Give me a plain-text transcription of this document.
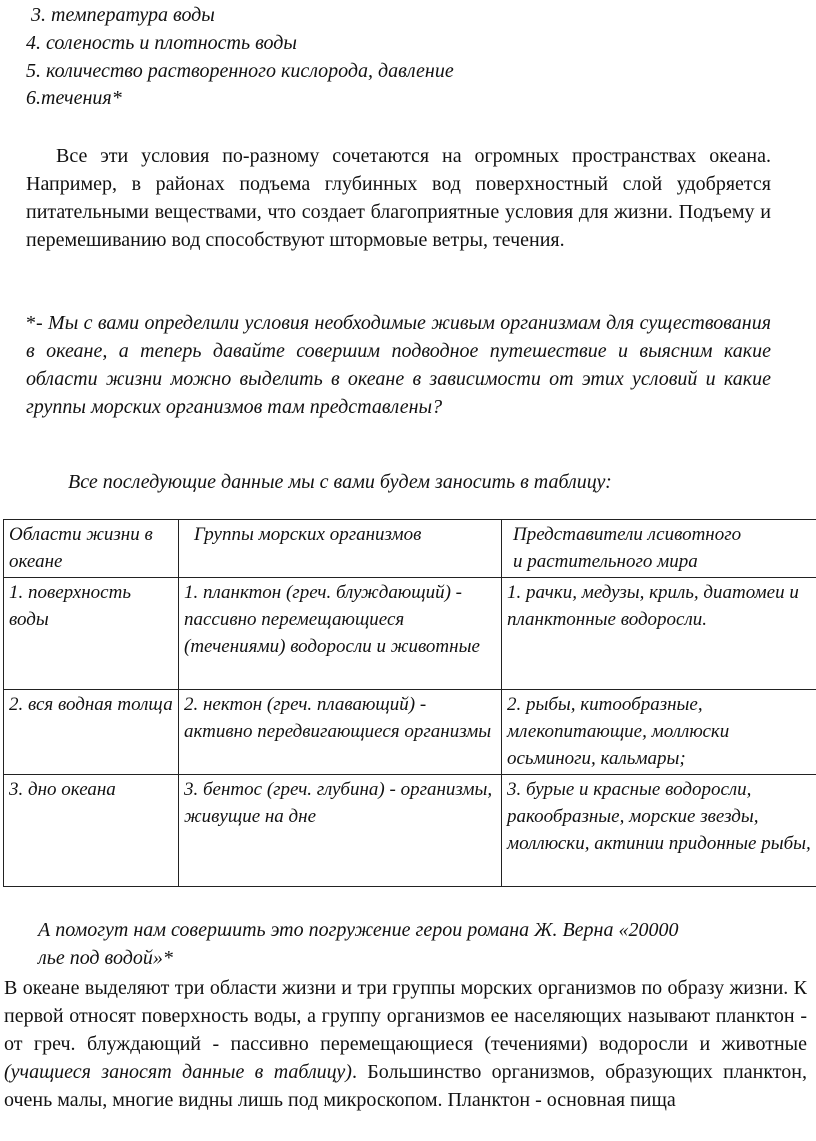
3. температура воды
4. соленость и плотность воды
5. количество растворенного кислорода, давление
6.течения*
Все эти условия по-разному сочетаются на огромных пространствах океана. Например, в районах подъема глубинных вод поверхностный слой удобряется питательными веществами, что создает благоприятные условия для жизни. Подъему и перемешиванию вод способствуют штормовые ветры, течения.
*- Мы с вами определили условия необходимые живым организмам для существования в океане, а теперь давайте совершим подводное путешествие и выясним какие области жизни можно выделить в океане в зависимости от этих условий и какие группы морских организмов там представлены?
Все последующие данные мы с вами будем заносить в таблицу:
Области жизни в океане	Группы морских организмов	Представители лсивотного
и растительного мира

1. поверхность воды	1. планктон (греч. блуждающий) - пассивно перемещающиеся (течениями) водоросли и животные	1. рачки, медузы, криль, диатомеи и планктонные водоросли.
2. вся водная толща	2. нектон (греч. плавающий) - активно передвигающиеся организмы	2. рыбы, китообразные, млекопитающие, моллюски осьминоги, кальмары;
3. дно океана	3. бентос (греч. глубина) - организмы, живущие на дне	3. бурые и красные водоросли, ракообразные, морские звезды, моллюски, актинии придонные рыбы,
А помогут нам совершить это погружение герои романа Ж. Верна «20000
лье под водой»*
В океане выделяют три области жизни и три группы морских организмов по образу жизни. К первой относят поверхность воды, а группу организмов ее населяющих называют планктон - от греч. блуждающий - пассивно перемещающиеся (течениями) водоросли и животные (учащиеся заносят данные в таблицу). Большинство организмов, образующих планктон, очень малы, многие видны лишь под микроскопом. Планктон - основная пища
